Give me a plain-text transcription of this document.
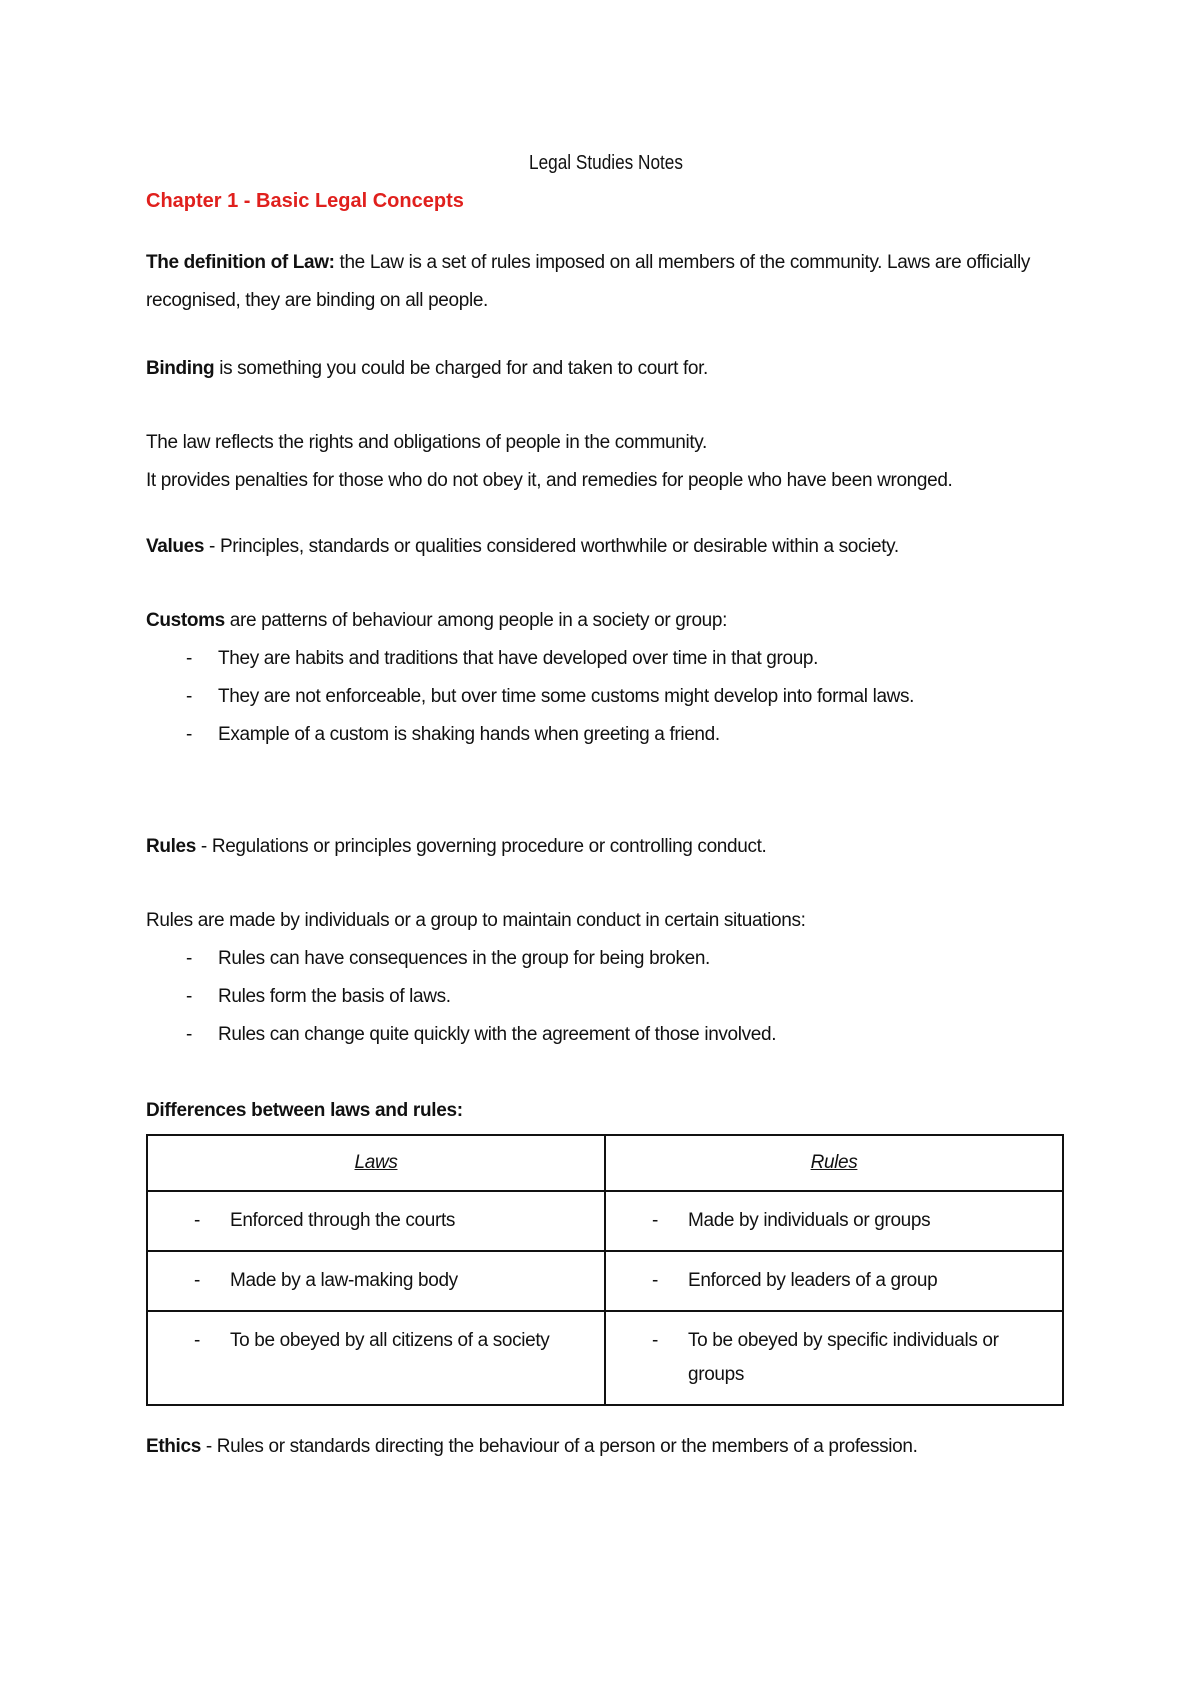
Legal Studies Notes
Chapter 1 - Basic Legal Concepts
The definition of Law: the Law is a set of rules imposed on all members of the community. Laws are officially recognised, they are binding on all people.
Binding is something you could be charged for and taken to court for.
The law reflects the rights and obligations of people in the community.
It provides penalties for those who do not obey it, and remedies for people who have been wronged.
Values - Principles, standards or qualities considered worthwhile or desirable within a society.
Customs are patterns of behaviour among people in a society or group:
- They are habits and traditions that have developed over time in that group.
- They are not enforceable, but over time some customs might develop into formal laws.
- Example of a custom is shaking hands when greeting a friend.
Rules - Regulations or principles governing procedure or controlling conduct.
Rules are made by individuals or a group to maintain conduct in certain situations:
- Rules can have consequences in the group for being broken.
- Rules form the basis of laws.
- Rules can change quite quickly with the agreement of those involved.
Differences between laws and rules:
Laws	Rules

- Enforced through the courts	- Made by individuals or groups

- Made by a law-making body	- Enforced by leaders of a group

- To be obeyed by all citizens of a society	- To be obeyed by specific individuals or groups
Ethics - Rules or standards directing the behaviour of a person or the members of a profession.
